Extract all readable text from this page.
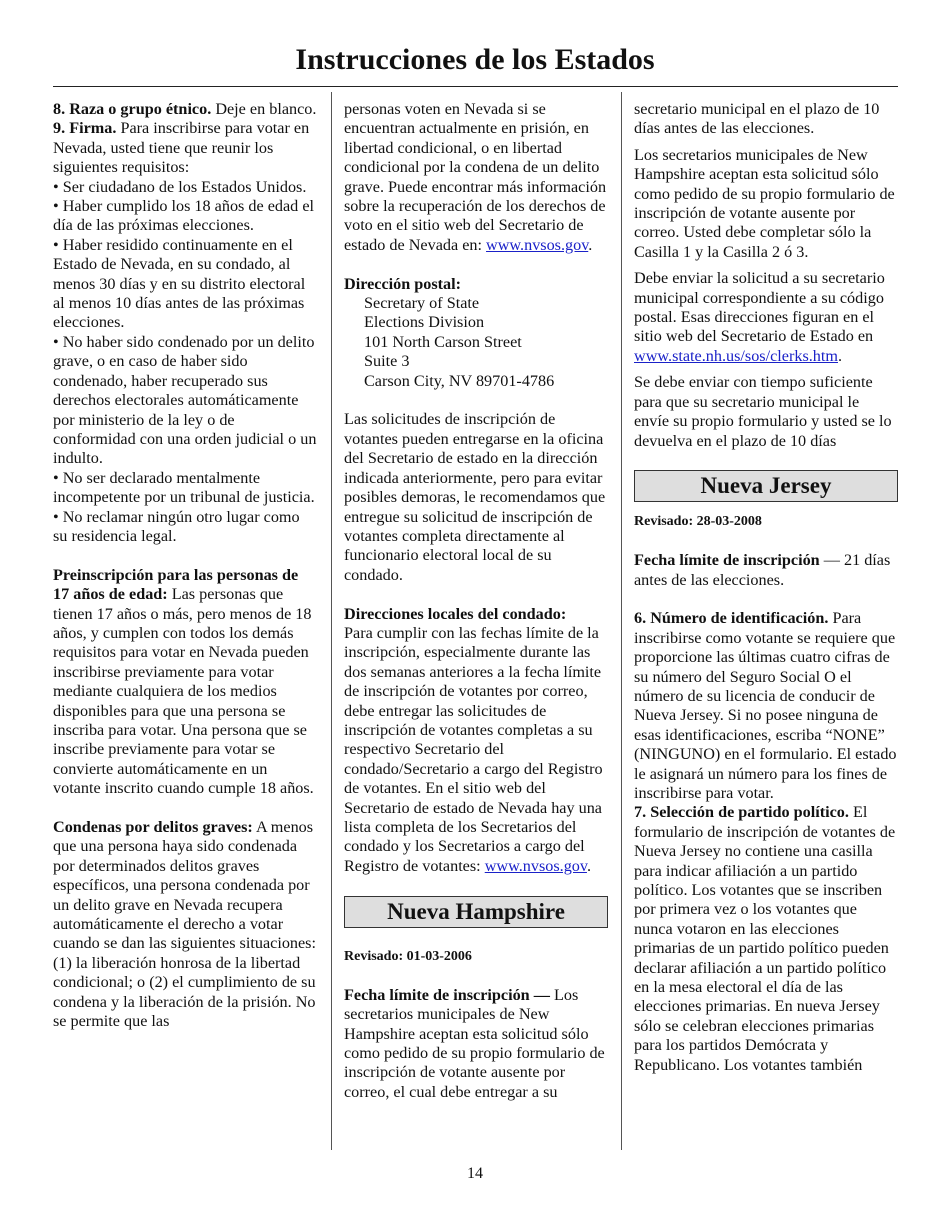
Instrucciones de los Estados

8. Raza o grupo étnico. Deje en blanco.

9. Firma. Para inscribirse para votar en Nevada, usted tiene que reunir los siguientes requisitos:

• Ser ciudadano de los Estados Unidos.

• Haber cumplido los 18 años de edad el día de las próximas elecciones.

• Haber residido continuamente en el Estado de Nevada, en su condado, al menos 30 días y en su distrito electoral al menos 10 días antes de las próximas elecciones.

• No haber sido condenado por un delito grave, o en caso de haber sido condenado, haber recuperado sus derechos electorales automáticamente por ministerio de la ley o de conformidad con una orden judicial o un indulto.

• No ser declarado mentalmente incompetente por un tribunal de justicia.

• No reclamar ningún otro lugar como su residencia legal.

Preinscripción para las personas de 17 años de edad: Las personas que tienen 17 años o más, pero menos de 18 años, y cumplen con todos los demás requisitos para votar en Nevada pueden inscribirse previamente para votar mediante cualquiera de los medios disponibles para que una persona se inscriba para votar. Una persona que se inscribe previamente para votar se convierte automáticamente en un votante inscrito cuando cumple 18 años.

Condenas por delitos graves: A menos que una persona haya sido condenada por determinados delitos graves específicos, una persona condenada por un delito grave en Nevada recupera automáticamente el derecho a votar cuando se dan las siguientes situaciones: (1) la liberación honrosa de la libertad condicional; o (2) el cumplimiento de su condena y la liberación de la prisión. No se permite que las

personas voten en Nevada si se encuentran actualmente en prisión, en libertad condicional, o en libertad condicional por la condena de un delito grave. Puede encontrar más información sobre la recuperación de los derechos de voto en el sitio web del Secretario de estado de Nevada en: www.nvsos.gov.

Dirección postal:

Secretary of State

Elections Division

101 North Carson Street

Suite 3

Carson City, NV 89701-4786

Las solicitudes de inscripción de votantes pueden entregarse en la oficina del Secretario de estado en la dirección indicada anteriormente, pero para evitar posibles demoras, le recomendamos que entregue su solicitud de inscripción de votantes completa directamente al funcionario electoral local de su condado.

Direcciones locales del condado:

Para cumplir con las fechas límite de la inscripción, especialmente durante las dos semanas anteriores a la fecha límite de inscripción de votantes por correo, debe entregar las solicitudes de inscripción de votantes completas a su respectivo Secretario del condado/Secretario a cargo del Registro de votantes. En el sitio web del Secretario de estado de Nevada hay una lista completa de los Secretarios del condado y los Secretarios a cargo del Registro de votantes: www.nvsos.gov.

Nueva Hampshire

Revisado: 01-03-2006

Fecha límite de inscripción — Los secretarios municipales de New Hampshire aceptan esta solicitud sólo como pedido de su propio formulario de inscripción de votante ausente por correo, el cual debe entregar a su

secretario municipal en el plazo de 10 días antes de las elecciones.

Los secretarios municipales de New Hampshire aceptan esta solicitud sólo como pedido de su propio formulario de inscripción de votante ausente por correo. Usted debe completar sólo la Casilla 1 y la Casilla 2 ó 3.

Debe enviar la solicitud a su secretario municipal correspondiente a su código postal. Esas direcciones figuran en el sitio web del Secretario de Estado en www.state.nh.us/sos/clerks.htm.

Se debe enviar con tiempo suficiente para que su secretario municipal le envíe su propio formulario y usted se lo devuelva en el plazo de 10 días

Nueva Jersey

Revisado: 28-03-2008

Fecha límite de inscripción — 21 días antes de las elecciones.

6. Número de identificación. Para inscribirse como votante se requiere que proporcione las últimas cuatro cifras de su número del Seguro Social O el número de su licencia de conducir de Nueva Jersey. Si no posee ninguna de esas identificaciones, escriba “NONE” (NINGUNO) en el formulario. El estado le asignará un número para los fines de inscribirse para votar.

7. Selección de partido político. El formulario de inscripción de votantes de Nueva Jersey no contiene una casilla para indicar afiliación a un partido político. Los votantes que se inscriben por primera vez o los votantes que nunca votaron en las elecciones primarias de un partido político pueden declarar afiliación a un partido político en la mesa electoral el día de las elecciones primarias. En nueva Jersey sólo se celebran elecciones primarias para los partidos Demócrata y Republicano. Los votantes también

14
